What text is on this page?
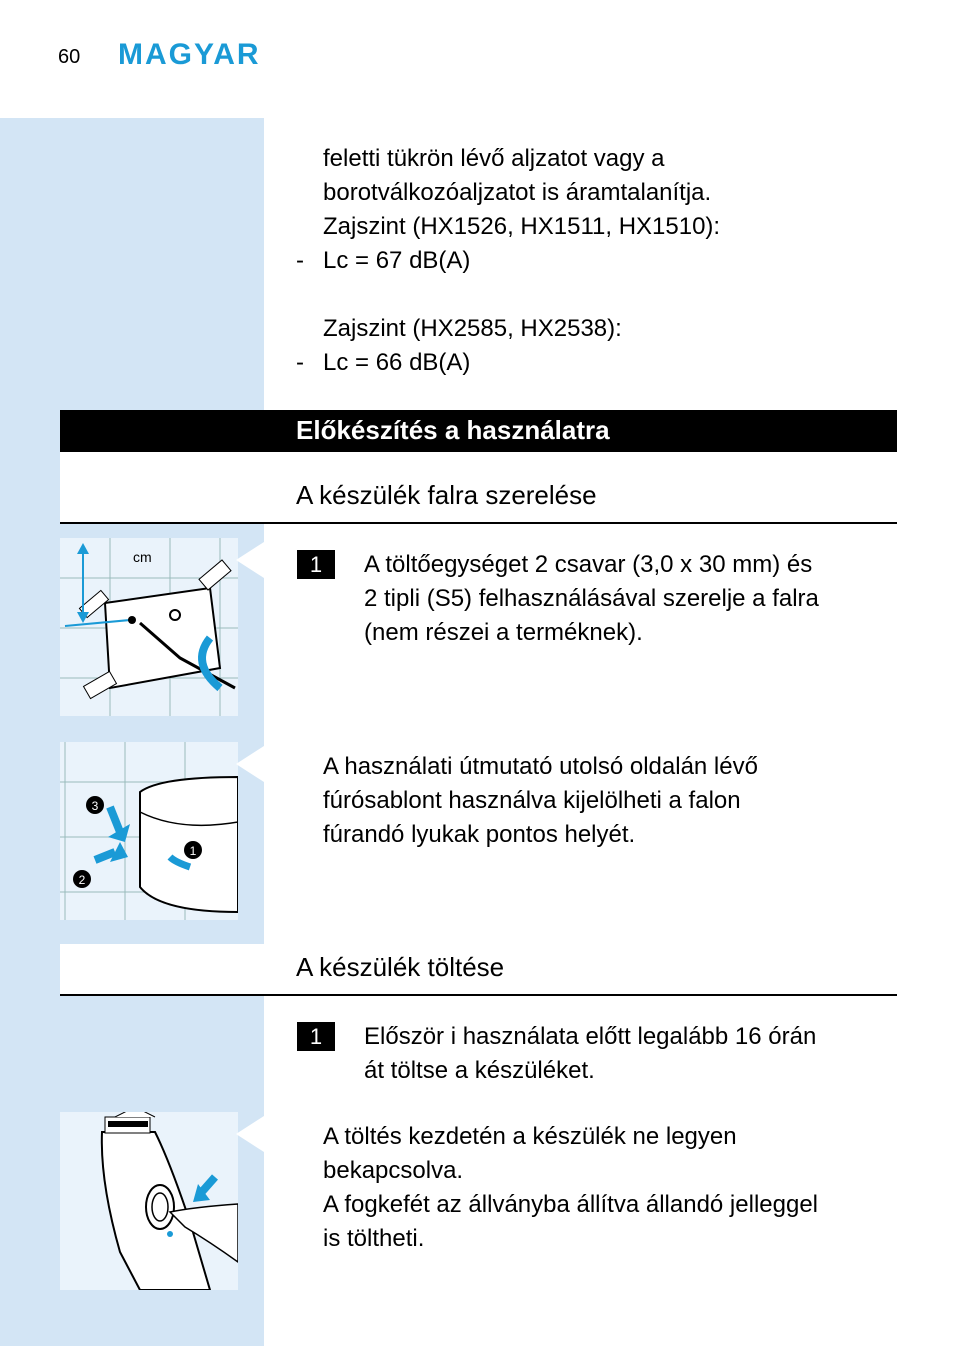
60 MAGYAR
feletti tükrön lévő aljzatot vagy a
borotválkozóaljzatot is áramtalanítja.
Zajszint (HX1526, HX1511, HX1510):
- Lc = 67 dB(A)
Zajszint (HX2585, HX2538):
- Lc = 66 dB(A)
Előkészítés a használatra
A készülék falra szerelése
cm
3
2
1
1	A töltőegységet 2 csavar (3,0 x 30 mm) és
2 tipli (S5) felhasználásával szerelje a falra
(nem részei a terméknek).
A használati útmutató utolsó oldalán lévő
fúrósablont használva kijelölheti a falon
fúrandó lyukak pontos helyét.
A készülék töltése
1	Először i használata előtt legalább 16 órán
át töltse a készüléket.
A töltés kezdetén a készülék ne legyen
bekapcsolva.
A fogkefét az állványba állítva állandó jelleggel
is töltheti.
